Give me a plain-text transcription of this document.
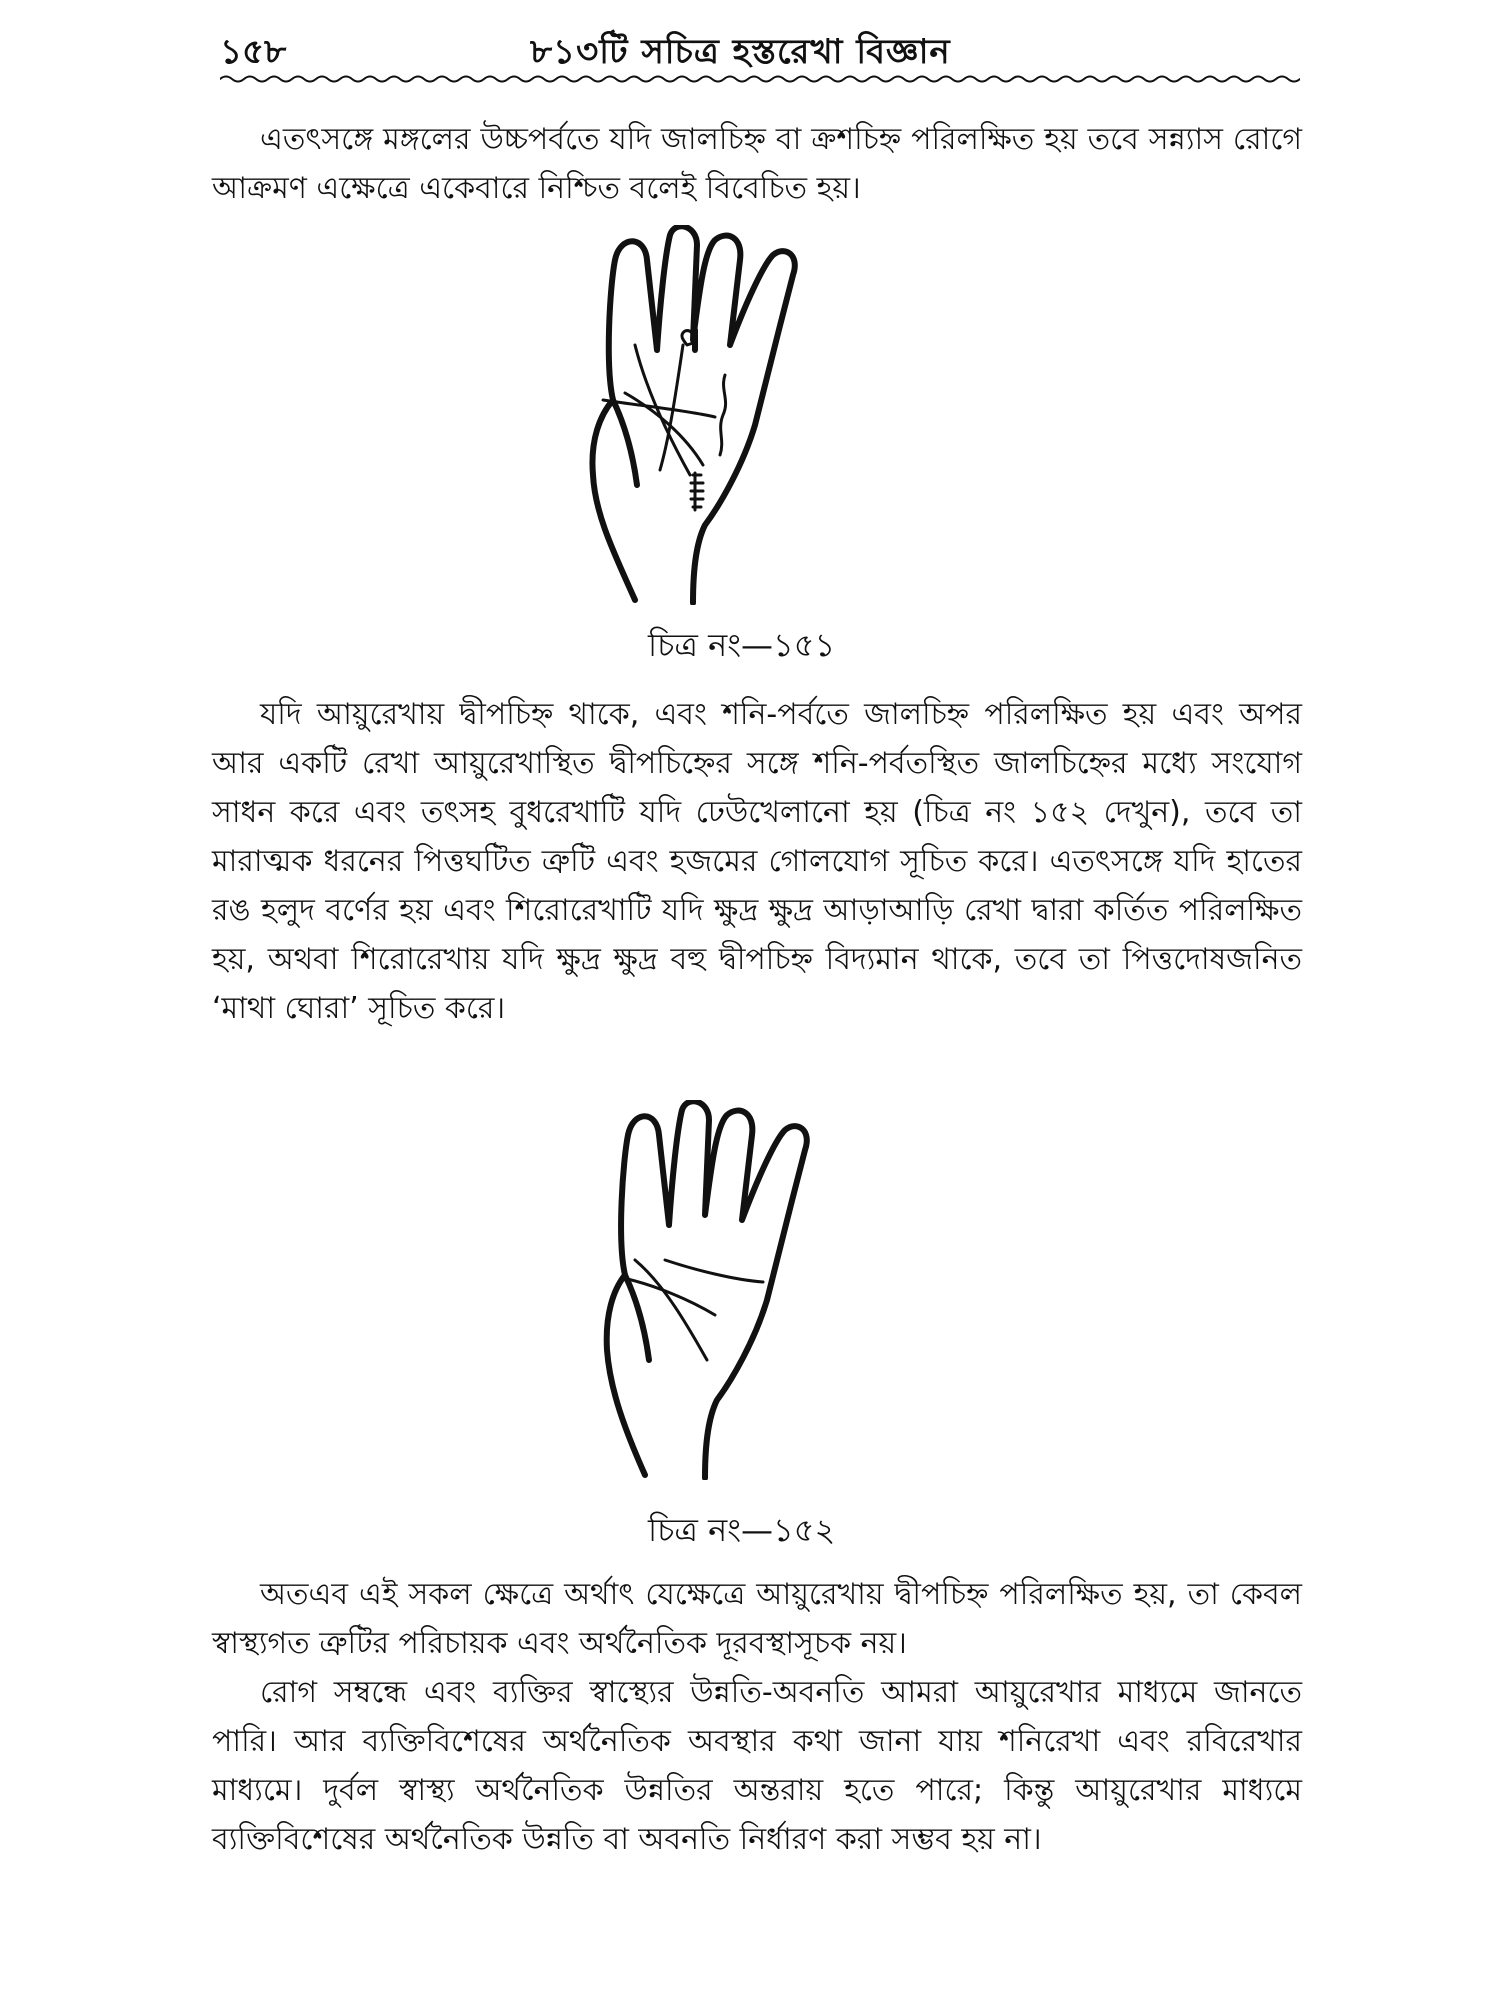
১৫৮	৮১৩টি সচিত্র হস্তরেখা বিজ্ঞান

এতৎসঙ্গে মঙ্গলের উচ্চপর্বতে যদি জালচিহ্ন বা ক্রশচিহ্ন পরিলক্ষিত হয় তবে সন্ন্যাস রোগে আক্রমণ এক্ষেত্রে একেবারে নিশ্চিত বলেই বিবেচিত হয়।

চিত্র নং—১৫১

যদি আয়ুরেখায় দ্বীপচিহ্ন থাকে, এবং শনি-পর্বতে জালচিহ্ন পরিলক্ষিত হয় এবং অপর আর একটি রেখা আয়ুরেখাস্থিত দ্বীপচিহ্নের সঙ্গে শনি-পর্বতস্থিত জালচিহ্নের মধ্যে সংযোগ সাধন করে এবং তৎসহ বুধরেখাটি যদি ঢেউখেলানো হয় (চিত্র নং ১৫২ দেখুন), তবে তা মারাত্মক ধরনের পিত্তঘটিত ত্রুটি এবং হজমের গোলযোগ সূচিত করে। এতৎসঙ্গে যদি হাতের রঙ হলুদ বর্ণের হয় এবং শিরোরেখাটি যদি ক্ষুদ্র ক্ষুদ্র আড়াআড়ি রেখা দ্বারা কর্তিত পরিলক্ষিত হয়, অথবা শিরোরেখায় যদি ক্ষুদ্র ক্ষুদ্র বহু দ্বীপচিহ্ন বিদ্যমান থাকে, তবে তা পিত্তদোষজনিত ‘মাথা ঘোরা’ সূচিত করে।

চিত্র নং—১৫২

অতএব এই সকল ক্ষেত্রে অর্থাৎ যেক্ষেত্রে আয়ুরেখায় দ্বীপচিহ্ন পরিলক্ষিত হয়, তা কেবল স্বাস্থ্যগত ত্রুটির পরিচায়ক এবং অর্থনৈতিক দূরবস্থাসূচক নয়।

রোগ সম্বন্ধে এবং ব্যক্তির স্বাস্থ্যের উন্নতি-অবনতি আমরা আয়ুরেখার মাধ্যমে জানতে পারি। আর ব্যক্তিবিশেষের অর্থনৈতিক অবস্থার কথা জানা যায় শনিরেখা এবং রবিরেখার মাধ্যমে। দুর্বল স্বাস্থ্য অর্থনৈতিক উন্নতির অন্তরায় হতে পারে; কিন্তু আয়ুরেখার মাধ্যমে ব্যক্তিবিশেষের অর্থনৈতিক উন্নতি বা অবনতি নির্ধারণ করা সম্ভব হয় না।
